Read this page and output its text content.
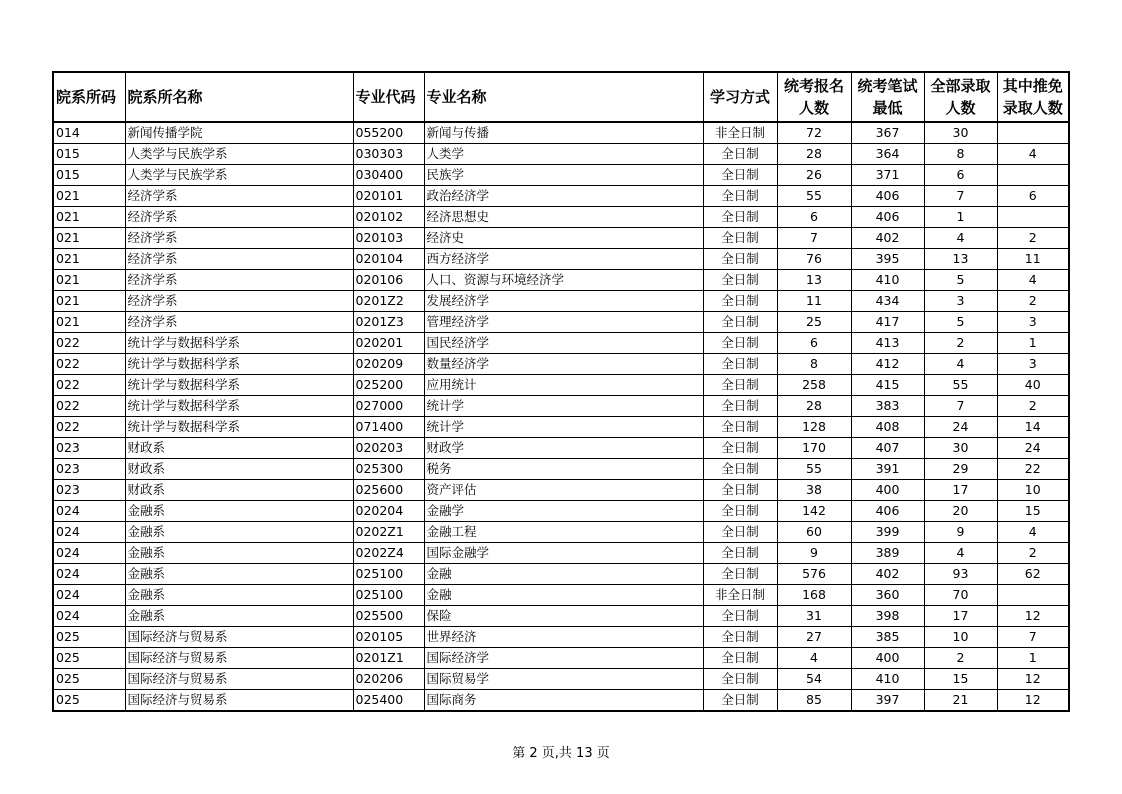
院系所码	院系所名称	专业代码	专业名称	学习方式	统考报名人数	统考笔试最低	全部录取人数	其中推免录取人数
014	新闻传播学院	055200	新闻与传播	非全日制	72	367	30	
015	人类学与民族学系	030303	人类学	全日制	28	364	8	4
015	人类学与民族学系	030400	民族学	全日制	26	371	6	
021	经济学系	020101	政治经济学	全日制	55	406	7	6
021	经济学系	020102	经济思想史	全日制	6	406	1	
021	经济学系	020103	经济史	全日制	7	402	4	2
021	经济学系	020104	西方经济学	全日制	76	395	13	11
021	经济学系	020106	人口、资源与环境经济学	全日制	13	410	5	4
021	经济学系	0201Z2	发展经济学	全日制	11	434	3	2
021	经济学系	0201Z3	管理经济学	全日制	25	417	5	3
022	统计学与数据科学系	020201	国民经济学	全日制	6	413	2	1
022	统计学与数据科学系	020209	数量经济学	全日制	8	412	4	3
022	统计学与数据科学系	025200	应用统计	全日制	258	415	55	40
022	统计学与数据科学系	027000	统计学	全日制	28	383	7	2
022	统计学与数据科学系	071400	统计学	全日制	128	408	24	14
023	财政系	020203	财政学	全日制	170	407	30	24
023	财政系	025300	税务	全日制	55	391	29	22
023	财政系	025600	资产评估	全日制	38	400	17	10
024	金融系	020204	金融学	全日制	142	406	20	15
024	金融系	0202Z1	金融工程	全日制	60	399	9	4
024	金融系	0202Z4	国际金融学	全日制	9	389	4	2
024	金融系	025100	金融	全日制	576	402	93	62
024	金融系	025100	金融	非全日制	168	360	70	
024	金融系	025500	保险	全日制	31	398	17	12
025	国际经济与贸易系	020105	世界经济	全日制	27	385	10	7
025	国际经济与贸易系	0201Z1	国际经济学	全日制	4	400	2	1
025	国际经济与贸易系	020206	国际贸易学	全日制	54	410	15	12
025	国际经济与贸易系	025400	国际商务	全日制	85	397	21	12
第 2 页,共 13 页
